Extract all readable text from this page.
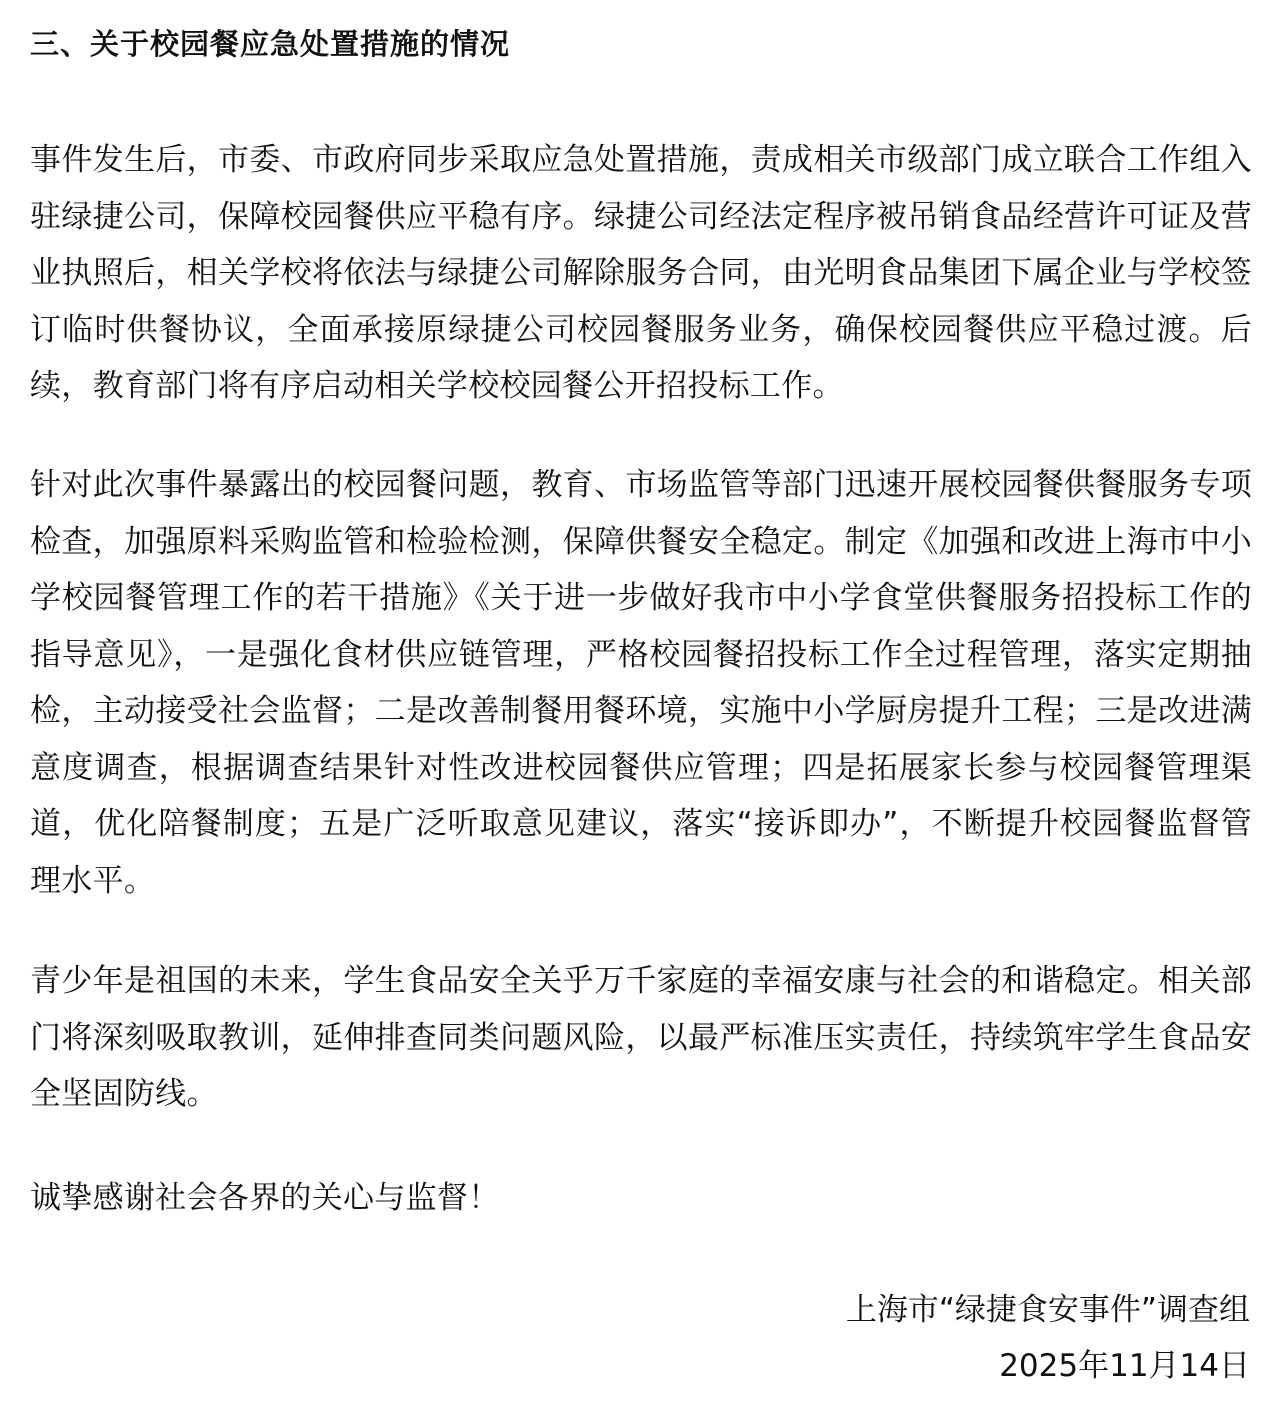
三、关于校园餐应急处置措施的情况

事件发生后，市委、市政府同步采取应急处置措施，责成相关市级部门成立联合工作组入驻绿捷公司，保障校园餐供应平稳有序。绿捷公司经法定程序被吊销食品经营许可证及营业执照后，相关学校将依法与绿捷公司解除服务合同，由光明食品集团下属企业与学校签订临时供餐协议，全面承接原绿捷公司校园餐服务业务，确保校园餐供应平稳过渡。后续，教育部门将有序启动相关学校校园餐公开招投标工作。

针对此次事件暴露出的校园餐问题，教育、市场监管等部门迅速开展校园餐供餐服务专项检查，加强原料采购监管和检验检测，保障供餐安全稳定。制定《加强和改进上海市中小学校园餐管理工作的若干措施》《关于进一步做好我市中小学食堂供餐服务招投标工作的指导意见》，一是强化食材供应链管理，严格校园餐招投标工作全过程管理，落实定期抽检，主动接受社会监督；二是改善制餐用餐环境，实施中小学厨房提升工程；三是改进满意度调查，根据调查结果针对性改进校园餐供应管理；四是拓展家长参与校园餐管理渠道，优化陪餐制度；五是广泛听取意见建议，落实“接诉即办”，不断提升校园餐监督管理水平。

青少年是祖国的未来，学生食品安全关乎万千家庭的幸福安康与社会的和谐稳定。相关部门将深刻吸取教训，延伸排查同类问题风险，以最严标准压实责任，持续筑牢学生食品安全坚固防线。

诚挚感谢社会各界的关心与监督！

上海市“绿捷食安事件”调查组

2025年11月14日
